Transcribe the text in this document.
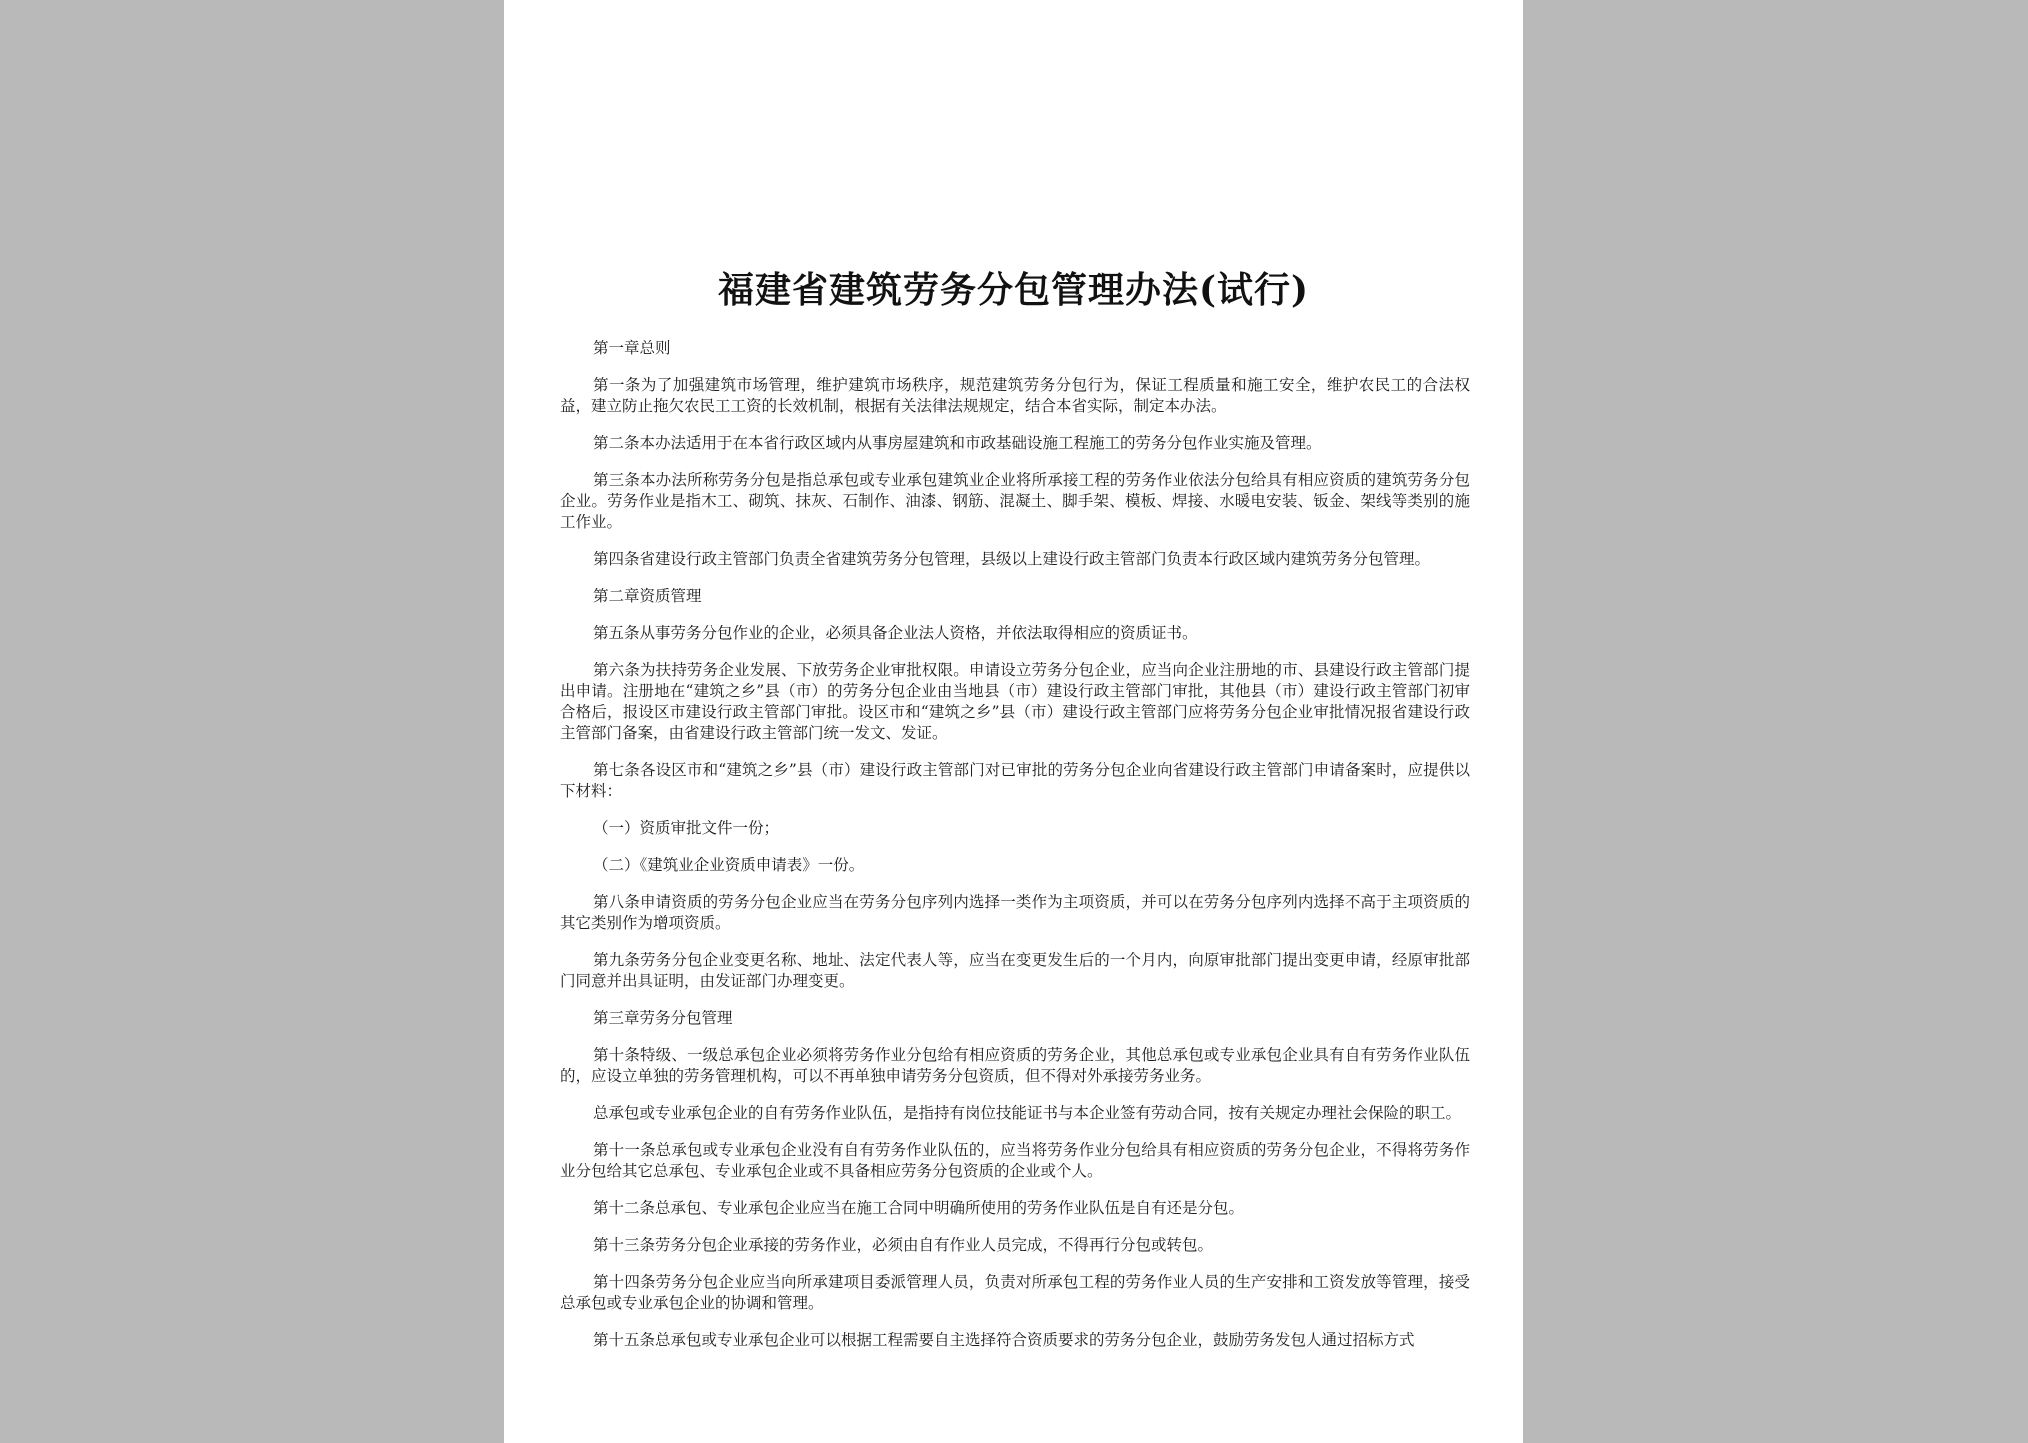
福建省建筑劳务分包管理办法(试行)

第一章总则

第一条为了加强建筑市场管理，维护建筑市场秩序，规范建筑劳务分包行为，保证工程质量和施工安全，维护农民工的合法权益，建立防止拖欠农民工工资的长效机制，根据有关法律法规规定，结合本省实际，制定本办法。

第二条本办法适用于在本省行政区域内从事房屋建筑和市政基础设施工程施工的劳务分包作业实施及管理。

第三条本办法所称劳务分包是指总承包或专业承包建筑业企业将所承接工程的劳务作业依法分包给具有相应资质的建筑劳务分包企业。劳务作业是指木工、砌筑、抹灰、石制作、油漆、钢筋、混凝土、脚手架、模板、焊接、水暖电安装、钣金、架线等类别的施工作业。

第四条省建设行政主管部门负责全省建筑劳务分包管理，县级以上建设行政主管部门负责本行政区域内建筑劳务分包管理。

第二章资质管理

第五条从事劳务分包作业的企业，必须具备企业法人资格，并依法取得相应的资质证书。

第六条为扶持劳务企业发展、下放劳务企业审批权限。申请设立劳务分包企业，应当向企业注册地的市、县建设行政主管部门提出申请。注册地在“建筑之乡”县（市）的劳务分包企业由当地县（市）建设行政主管部门审批，其他县（市）建设行政主管部门初审合格后，报设区市建设行政主管部门审批。设区市和“建筑之乡”县（市）建设行政主管部门应将劳务分包企业审批情况报省建设行政主管部门备案，由省建设行政主管部门统一发文、发证。

第七条各设区市和“建筑之乡”县（市）建设行政主管部门对已审批的劳务分包企业向省建设行政主管部门申请备案时，应提供以下材料：

（一）资质审批文件一份；

（二）《建筑业企业资质申请表》一份。

第八条申请资质的劳务分包企业应当在劳务分包序列内选择一类作为主项资质，并可以在劳务分包序列内选择不高于主项资质的其它类别作为增项资质。

第九条劳务分包企业变更名称、地址、法定代表人等，应当在变更发生后的一个月内，向原审批部门提出变更申请，经原审批部门同意并出具证明，由发证部门办理变更。

第三章劳务分包管理

第十条特级、一级总承包企业必须将劳务作业分包给有相应资质的劳务企业，其他总承包或专业承包企业具有自有劳务作业队伍的，应设立单独的劳务管理机构，可以不再单独申请劳务分包资质，但不得对外承接劳务业务。

总承包或专业承包企业的自有劳务作业队伍，是指持有岗位技能证书与本企业签有劳动合同，按有关规定办理社会保险的职工。

第十一条总承包或专业承包企业没有自有劳务作业队伍的，应当将劳务作业分包给具有相应资质的劳务分包企业，不得将劳务作业分包给其它总承包、专业承包企业或不具备相应劳务分包资质的企业或个人。

第十二条总承包、专业承包企业应当在施工合同中明确所使用的劳务作业队伍是自有还是分包。

第十三条劳务分包企业承接的劳务作业，必须由自有作业人员完成，不得再行分包或转包。

第十四条劳务分包企业应当向所承建项目委派管理人员，负责对所承包工程的劳务作业人员的生产安排和工资发放等管理，接受总承包或专业承包企业的协调和管理。

第十五条总承包或专业承包企业可以根据工程需要自主选择符合资质要求的劳务分包企业，鼓励劳务发包人通过招标方式
